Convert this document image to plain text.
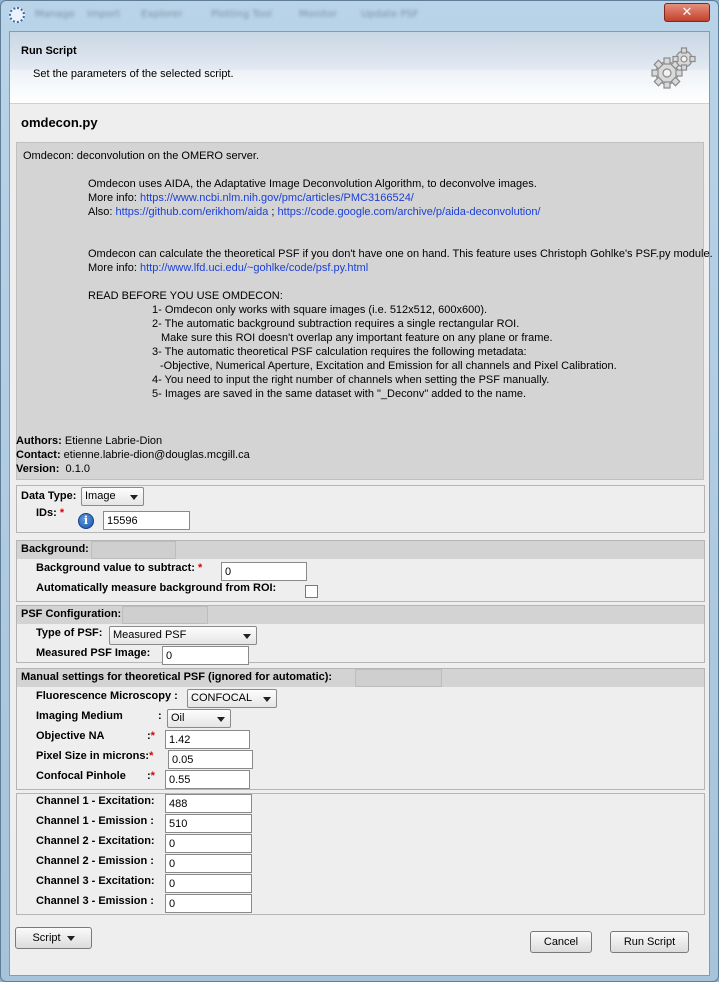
Manage Import Explorer	Plotting Tool	Monitor Update PSF	✕
Run Script
Set the parameters of the selected script.
omdecon.py
Omdecon: deconvolution on the OMERO server.
Omdecon uses AIDA, the Adaptative Image Deconvolution Algorithm, to deconvolve images.
More info: https://www.ncbi.nlm.nih.gov/pmc/articles/PMC3166524/
Also: https://github.com/erikhom/aida ; https://code.google.com/archive/p/aida-deconvolution/
Omdecon can calculate the theoretical PSF if you don't have one on hand. This feature uses Christoph Gohlke's PSF.py module.
More info: http://www.lfd.uci.edu/~gohlke/code/psf.py.html
READ BEFORE YOU USE OMDECON:
1- Omdecon only works with square images (i.e. 512x512, 600x600).
2- The automatic background subtraction requires a single rectangular ROI.
Make sure this ROI doesn't overlap any important feature on any plane or frame.
3- The automatic theoretical PSF calculation requires the following metadata:
-Objective, Numerical Aperture, Excitation and Emission for all channels and Pixel Calibration.
4- You need to input the right number of channels when setting the PSF manually.
5- Images are saved in the same dataset with "_Deconv" added to the name.
Authors: Etienne Labrie-Dion
Contact: etienne.labrie-dion@douglas.mcgill.ca
Version: 0.1.0
Data Type: Image
IDs: *
i	15596
Background:
Background value to subtract: *	0
Automatically measure background from ROI:
PSF Configuration:
Type of PSF: Measured PSF
Measured PSF Image:	0
Manual settings for theoretical PSF (ignored for automatic):
Fluorescence Microscopy :	CONFOCAL
Imaging Medium	: Oil
Objective NA	:*	1.42
Pixel Size in microns:*	0.05
Confocal Pinhole :*	0.55
Channel 1 - Excitation:	488
Channel 1 - Emission :	510
Channel 2 - Excitation:	0
Channel 2 - Emission :	0
Channel 3 - Excitation:	0
Channel 3 - Emission :	0
Script	Cancel	Run Script
